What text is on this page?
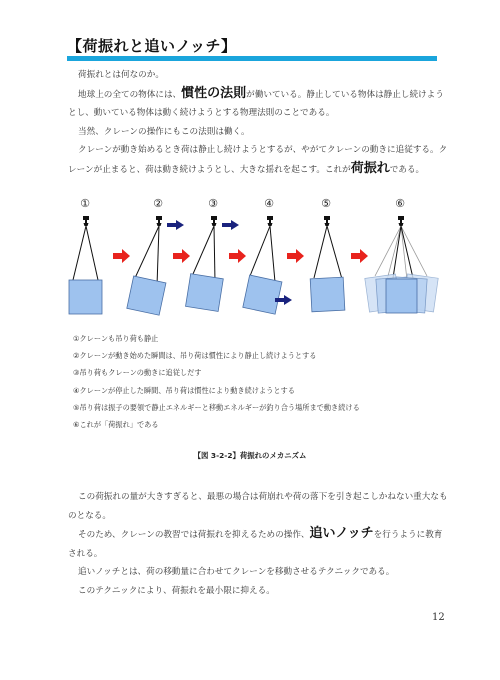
【荷振れと追いノッチ】

荷振れとは何なのか。

地球上の全ての物体には、慣性の法則が働いている。静止している物体は静止し続けようとし、動いている物体は動く続けようとする物理法則のことである。

当然、クレーンの操作にもこの法則は働く。

クレーンが動き始めるとき荷は静止し続けようとするが、やがてクレーンの動きに追従する。クレーンが止まると、荷は動き続けようとし、大きな揺れを起こす。これが荷振れである。

①	②	③	④	⑤	⑥
①クレーンも吊り荷も静止
②クレーンが動き始めた瞬間は、吊り荷は慣性により静止し続けようとする
③吊り荷もクレーンの動きに追従しだす
④クレーンが停止した瞬間、吊り荷は慣性により動き続けようとする
⑤吊り荷は振子の要領で静止エネルギーと移動エネルギーが釣り合う場所まで動き続ける
⑥これが「荷振れ」である
【図 3-2-2】荷振れのメカニズム

この荷振れの量が大きすぎると、最悪の場合は荷崩れや荷の落下を引き起こしかねない重大なものとなる。

そのため、クレーンの教習では荷振れを抑えるための操作、追いノッチを行うように教育される。

追いノッチとは、荷の移動量に合わせてクレーンを移動させるテクニックである。

このテクニックにより、荷振れを最小限に抑える。

12
